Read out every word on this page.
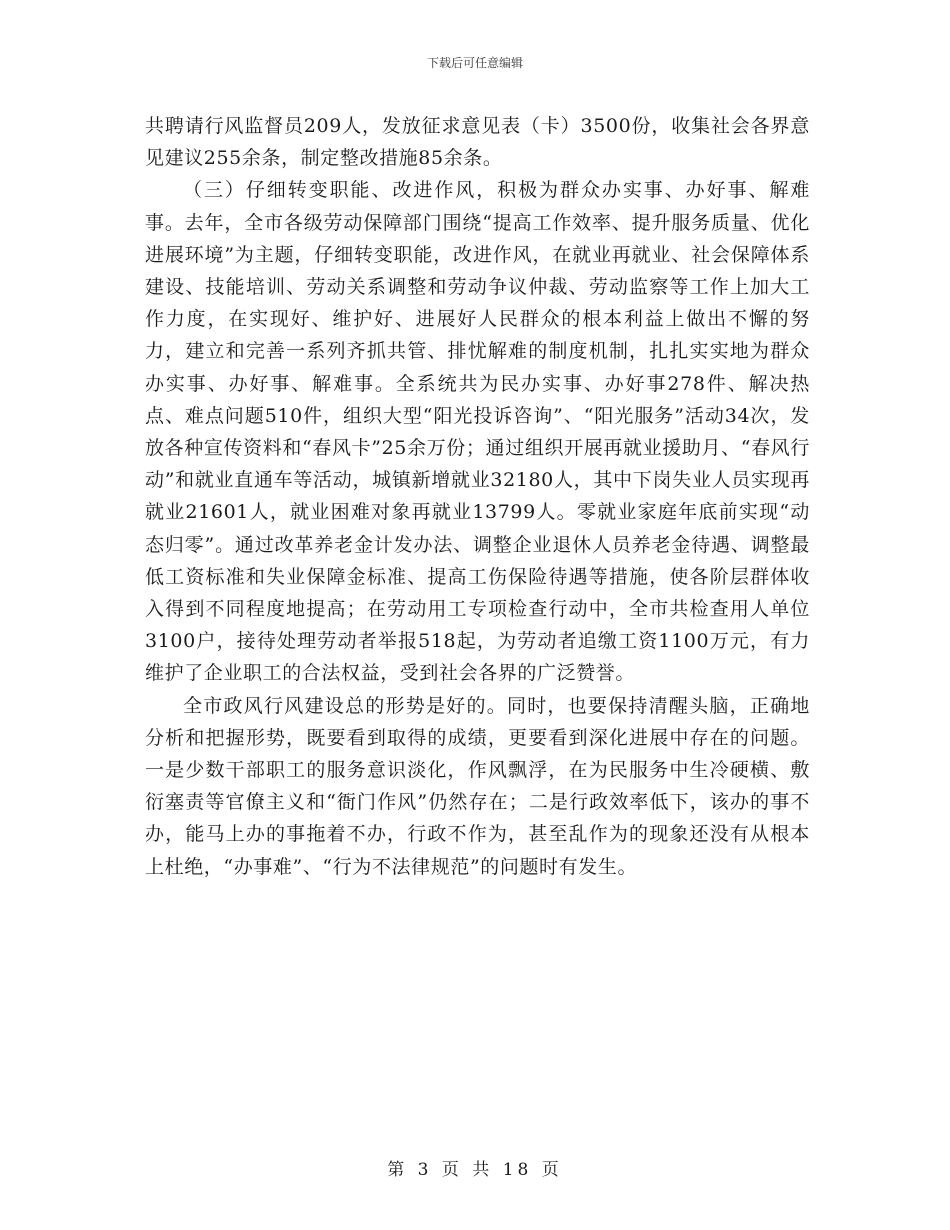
下载后可任意编辑

共聘请行风监督员209人，发放征求意见表（卡）3500份，收集社会各界意见建议255余条，制定整改措施85余条。

（三）仔细转变职能、改进作风，积极为群众办实事、办好事、解难事。去年，全市各级劳动保障部门围绕“提高工作效率、提升服务质量、优化进展环境”为主题，仔细转变职能，改进作风，在就业再就业、社会保障体系建设、技能培训、劳动关系调整和劳动争议仲裁、劳动监察等工作上加大工作力度，在实现好、维护好、进展好人民群众的根本利益上做出不懈的努力，建立和完善一系列齐抓共管、排忧解难的制度机制，扎扎实实地为群众办实事、办好事、解难事。全系统共为民办实事、办好事278件、解决热点、难点问题510件，组织大型“阳光投诉咨询”、“阳光服务”活动34次，发放各种宣传资料和“春风卡”25余万份；通过组织开展再就业援助月、“春风行动”和就业直通车等活动，城镇新增就业32180人，其中下岗失业人员实现再就业21601人，就业困难对象再就业13799人。零就业家庭年底前实现“动态归零”。通过改革养老金计发办法、调整企业退休人员养老金待遇、调整最低工资标准和失业保障金标准、提高工伤保险待遇等措施，使各阶层群体收入得到不同程度地提高；在劳动用工专项检查行动中，全市共检查用人单位3100户，接待处理劳动者举报518起，为劳动者追缴工资1100万元，有力维护了企业职工的合法权益，受到社会各界的广泛赞誉。

全市政风行风建设总的形势是好的。同时，也要保持清醒头脑，正确地分析和把握形势，既要看到取得的成绩，更要看到深化进展中存在的问题。一是少数干部职工的服务意识淡化，作风飘浮，在为民服务中生冷硬横、敷衍塞责等官僚主义和“衙门作风”仍然存在；二是行政效率低下，该办的事不办，能马上办的事拖着不办，行政不作为，甚至乱作为的现象还没有从根本上杜绝，“办事难”、“行为不法律规范”的问题时有发生。

第 3 页 共 18 页
